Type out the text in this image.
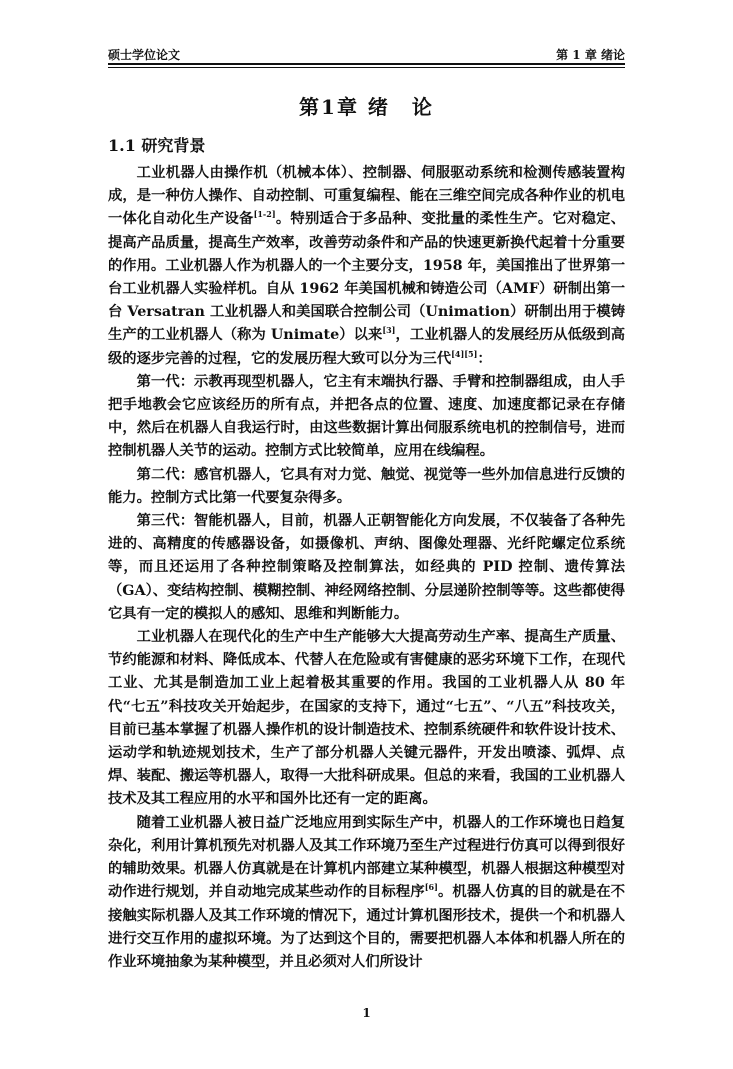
硕士学位论文	第 1 章 绪论
第1章 绪　论
1.1 研究背景

工业机器人由操作机（机械本体）、控制器、伺服驱动系统和检测传感装置构成，是一种仿人操作、自动控制、可重复编程、能在三维空间完成各种作业的机电一体化自动化生产设备[1-2]。特别适合于多品种、变批量的柔性生产。它对稳定、提高产品质量，提高生产效率，改善劳动条件和产品的快速更新换代起着十分重要的作用。工业机器人作为机器人的一个主要分支，1958 年，美国推出了世界第一台工业机器人实验样机。自从 1962 年美国机械和铸造公司（AMF）研制出第一台 Versatran 工业机器人和美国联合控制公司（Unimation）研制出用于模铸生产的工业机器人（称为 Unimate）以来[3]，工业机器人的发展经历从低级到高级的逐步完善的过程，它的发展历程大致可以分为三代[4][5]：

第一代：示教再现型机器人，它主有末端执行器、手臂和控制器组成，由人手把手地教会它应该经历的所有点，并把各点的位置、速度、加速度都记录在存储中，然后在机器人自我运行时，由这些数据计算出伺服系统电机的控制信号，进而控制机器人关节的运动。控制方式比较简单，应用在线编程。

第二代：感官机器人，它具有对力觉、触觉、视觉等一些外加信息进行反馈的能力。控制方式比第一代要复杂得多。

第三代：智能机器人，目前，机器人正朝智能化方向发展，不仅装备了各种先进的、高精度的传感器设备，如摄像机、声纳、图像处理器、光纤陀螺定位系统等，而且还运用了各种控制策略及控制算法，如经典的 PID 控制、遗传算法（GA）、变结构控制、模糊控制、神经网络控制、分层递阶控制等等。这些都使得它具有一定的模拟人的感知、思维和判断能力。

工业机器人在现代化的生产中生产能够大大提高劳动生产率、提高生产质量、节约能源和材料、降低成本、代替人在危险或有害健康的恶劣环境下工作，在现代工业、尤其是制造加工业上起着极其重要的作用。我国的工业机器人从 80 年代“七五”科技攻关开始起步，在国家的支持下，通过“七五”、“八五”科技攻关，目前已基本掌握了机器人操作机的设计制造技术、控制系统硬件和软件设计技术、运动学和轨迹规划技术，生产了部分机器人关键元器件，开发出喷漆、弧焊、点焊、装配、搬运等机器人，取得一大批科研成果。但总的来看，我国的工业机器人技术及其工程应用的水平和国外比还有一定的距离。

随着工业机器人被日益广泛地应用到实际生产中，机器人的工作环境也日趋复杂化，利用计算机预先对机器人及其工作环境乃至生产过程进行仿真可以得到很好的辅助效果。机器人仿真就是在计算机内部建立某种模型，机器人根据这种模型对动作进行规划，并自动地完成某些动作的目标程序[6]。机器人仿真的目的就是在不接触实际机器人及其工作环境的情况下，通过计算机图形技术，提供一个和机器人进行交互作用的虚拟环境。为了达到这个目的，需要把机器人本体和机器人所在的作业环境抽象为某种模型，并且必须对人们所设计

1
